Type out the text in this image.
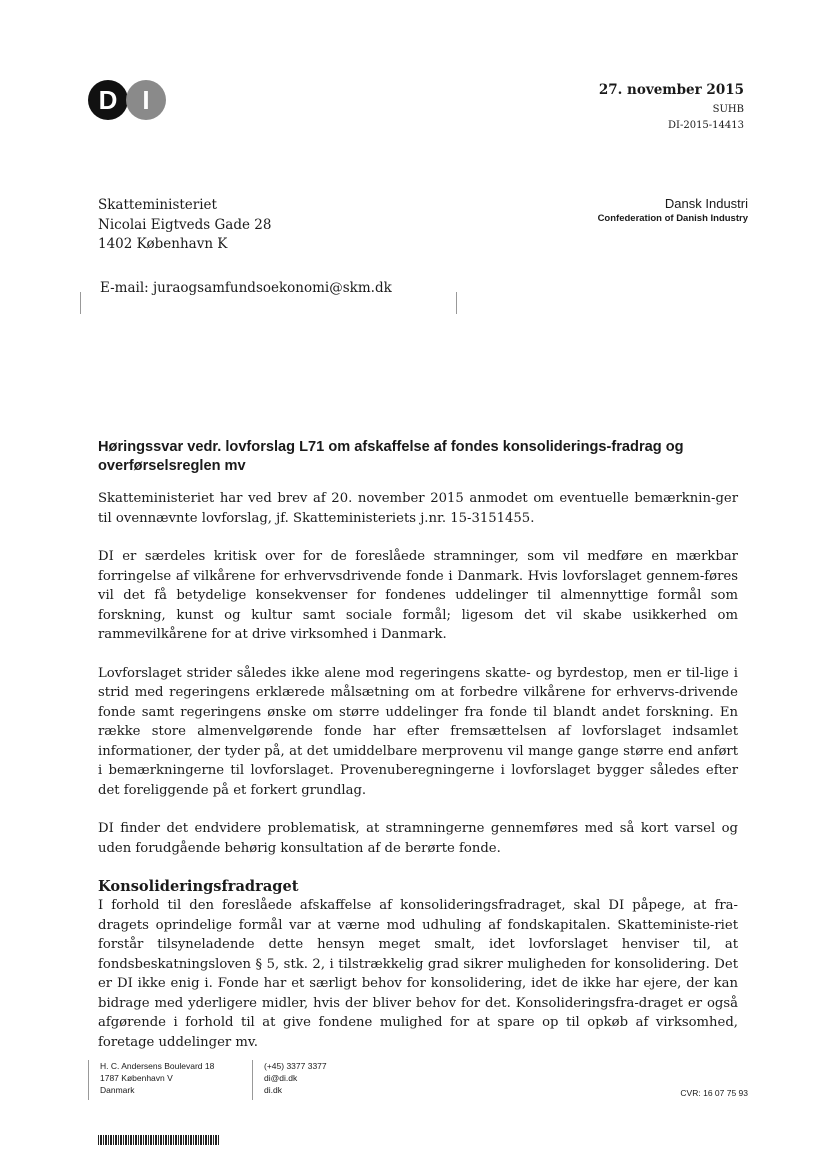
D I	27. november 2015
SUHB
DI-2015-14413
Skatteministeriet
Nicolai Eigtveds Gade 28
1402 København K
Dansk Industri
Confederation of Danish Industry
E-mail: juraogsamfundsoekonomi@skm.dk
Høringssvar vedr. lovforslag L71 om afskaffelse af fondes konsoliderings-fradrag og overførselsreglen mv

Skatteministeriet har ved brev af 20. november 2015 anmodet om eventuelle bemærknin-ger til ovennævnte lovforslag, jf. Skatteministeriets j.nr. 15-3151455.

DI er særdeles kritisk over for de foreslåede stramninger, som vil medføre en mærkbar forringelse af vilkårene for erhvervsdrivende fonde i Danmark. Hvis lovforslaget gennem-føres vil det få betydelige konsekvenser for fondenes uddelinger til almennyttige formål som forskning, kunst og kultur samt sociale formål; ligesom det vil skabe usikkerhed om rammevilkårene for at drive virksomhed i Danmark.

Lovforslaget strider således ikke alene mod regeringens skatte- og byrdestop, men er til-lige i strid med regeringens erklærede målsætning om at forbedre vilkårene for erhvervs-drivende fonde samt regeringens ønske om større uddelinger fra fonde til blandt andet forskning. En række store almenvelgørende fonde har efter fremsættelsen af lovforslaget indsamlet informationer, der tyder på, at det umiddelbare merprovenu vil mange gange større end anført i bemærkningerne til lovforslaget. Provenuberegningerne i lovforslaget bygger således efter det foreliggende på et forkert grundlag.

DI finder det endvidere problematisk, at stramningerne gennemføres med så kort varsel og uden forudgående behørig konsultation af de berørte fonde.

Konsolideringsfradraget

I forhold til den foreslåede afskaffelse af konsolideringsfradraget, skal DI påpege, at fra-dragets oprindelige formål var at værne mod udhuling af fondskapitalen. Skatteministe-riet forstår tilsyneladende dette hensyn meget smalt, idet lovforslaget henviser til, at fondsbeskatningsloven § 5, stk. 2, i tilstrækkelig grad sikrer muligheden for konsolidering. Det er DI ikke enig i. Fonde har et særligt behov for konsolidering, idet de ikke har ejere, der kan bidrage med yderligere midler, hvis der bliver behov for det. Konsolideringsfra-draget er også afgørende i forhold til at give fondene mulighed for at spare op til opkøb af virksomhed, foretage uddelinger mv.

H. C. Andersens Boulevard 18
1787 København V
Danmark
(+45) 3377 3377
di@di.dk
di.dk	CVR: 16 07 75 93
